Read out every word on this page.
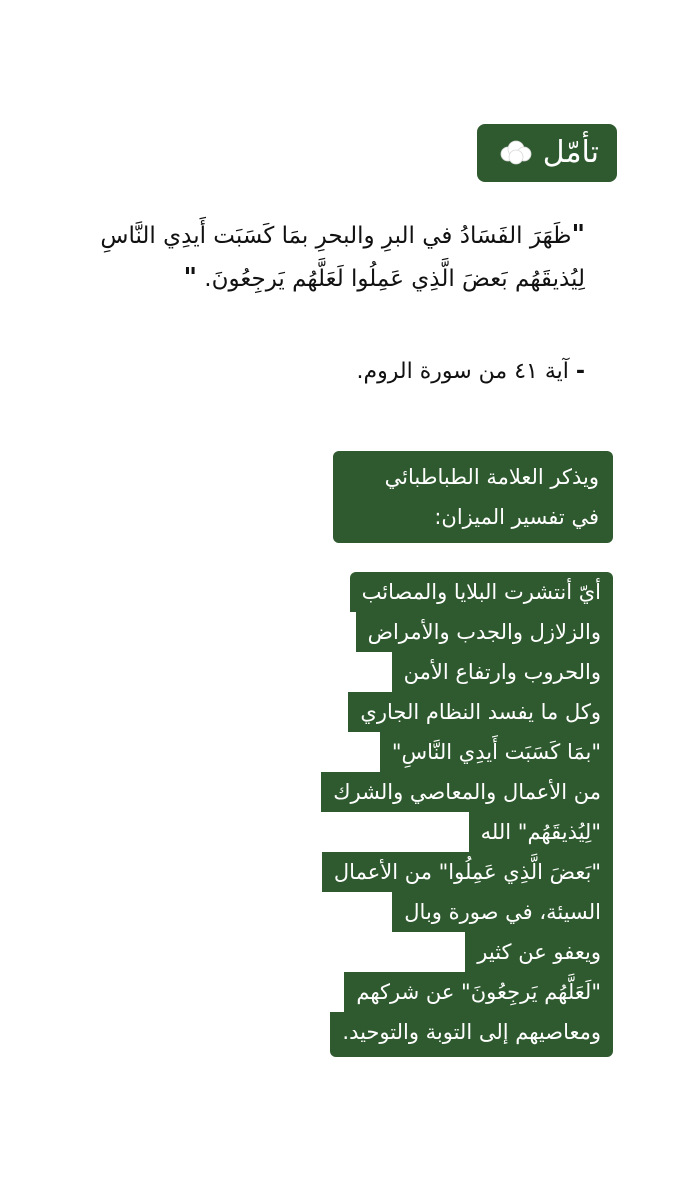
تأمّل

"ظَهَرَ الفَسَادُ في البرِ والبحرِ بمَا كَسَبَت أَيدِي النَّاسِ
لِيُذيقَهُم بَعضَ الَّذِي عَمِلُوا لَعَلَّهُم يَرجِعُونَ. "

- آية ٤١ من سورة الروم.

ويذكر العلامة الطباطبائي
في تفسير الميزان:
أيّ أنتشرت البلايا والمصائب
والزلازل والجدب والأمراض
والحروب وارتفاع الأمن
وكل ما يفسد النظام الجاري
"بمَا كَسَبَت أَيدِي النَّاسِ"
من الأعمال والمعاصي والشرك
"لِيُذيقَهُم" الله
"بَعضَ الَّذِي عَمِلُوا" من الأعمال
السيئة، في صورة وبال
ويعفو عن كثير
"لَعَلَّهُم يَرجِعُونَ" عن شركهم
ومعاصيهم إلى التوبة والتوحيد.
